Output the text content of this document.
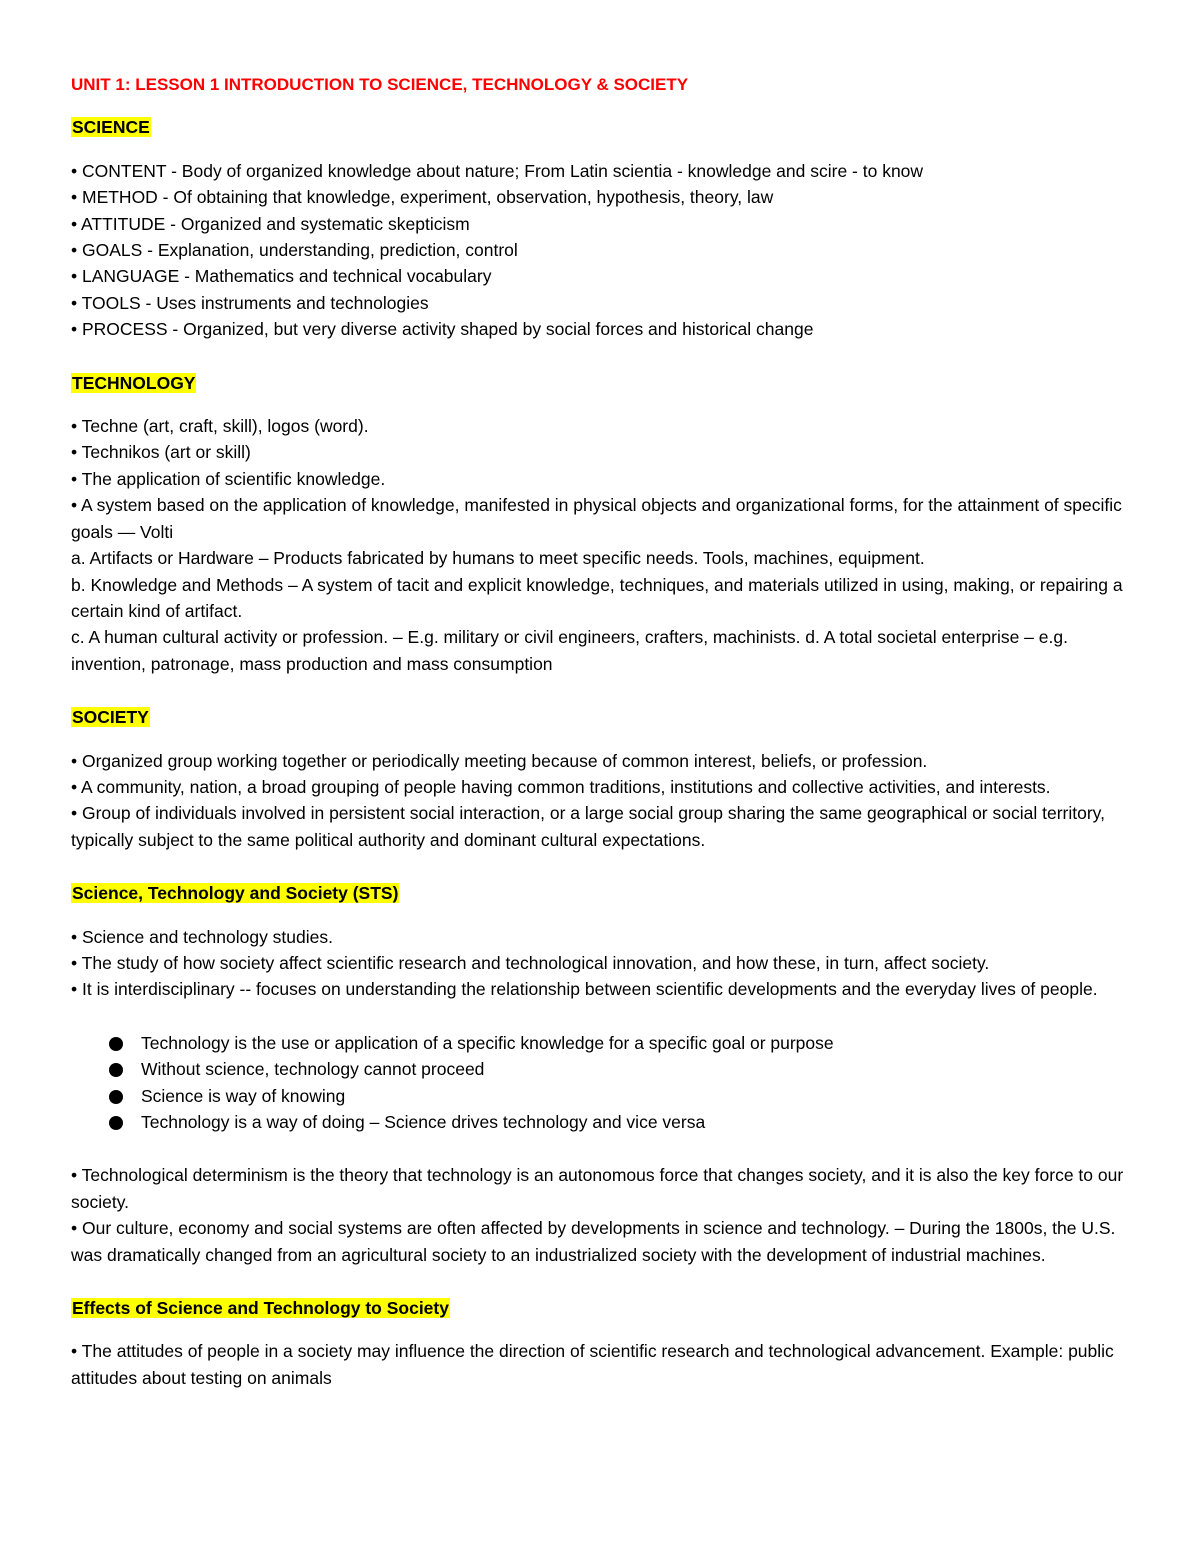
UNIT 1: LESSON 1 INTRODUCTION TO SCIENCE, TECHNOLOGY & SOCIETY
SCIENCE

• CONTENT - Body of organized knowledge about nature; From Latin scientia - knowledge and scire - to know

• METHOD - Of obtaining that knowledge, experiment, observation, hypothesis, theory, law

• ATTITUDE - Organized and systematic skepticism

• GOALS - Explanation, understanding, prediction, control

• LANGUAGE - Mathematics and technical vocabulary

• TOOLS - Uses instruments and technologies

• PROCESS - Organized, but very diverse activity shaped by social forces and historical change

TECHNOLOGY

• Techne (art, craft, skill), logos (word).

• Technikos (art or skill)

• The application of scientific knowledge.

• A system based on the application of knowledge, manifested in physical objects and organizational forms, for the attainment of specific goals — Volti

a. Artifacts or Hardware – Products fabricated by humans to meet specific needs. Tools, machines, equipment.

b. Knowledge and Methods – A system of tacit and explicit knowledge, techniques, and materials utilized in using, making, or repairing a certain kind of artifact.

c. A human cultural activity or profession. – E.g. military or civil engineers, crafters, machinists. d. A total societal enterprise – e.g. invention, patronage, mass production and mass consumption

SOCIETY

• Organized group working together or periodically meeting because of common interest, beliefs, or profession.

• A community, nation, a broad grouping of people having common traditions, institutions and collective activities, and interests.

• Group of individuals involved in persistent social interaction, or a large social group sharing the same geographical or social territory, typically subject to the same political authority and dominant cultural expectations.

Science, Technology and Society (STS)

• Science and technology studies.

• The study of how society affect scientific research and technological innovation, and how these, in turn, affect society.

• It is interdisciplinary -- focuses on understanding the relationship between scientific developments and the everyday lives of people.

Technology is the use or application of a specific knowledge for a specific goal or purpose
Without science, technology cannot proceed
Science is way of knowing
Technology is a way of doing – Science drives technology and vice versa

• Technological determinism is the theory that technology is an autonomous force that changes society, and it is also the key force to our society.

• Our culture, economy and social systems are often affected by developments in science and technology. – During the 1800s, the U.S. was dramatically changed from an agricultural society to an industrialized society with the development of industrial machines.

Effects of Science and Technology to Society

• The attitudes of people in a society may influence the direction of scientific research and technological advancement. Example: public attitudes about testing on animals
